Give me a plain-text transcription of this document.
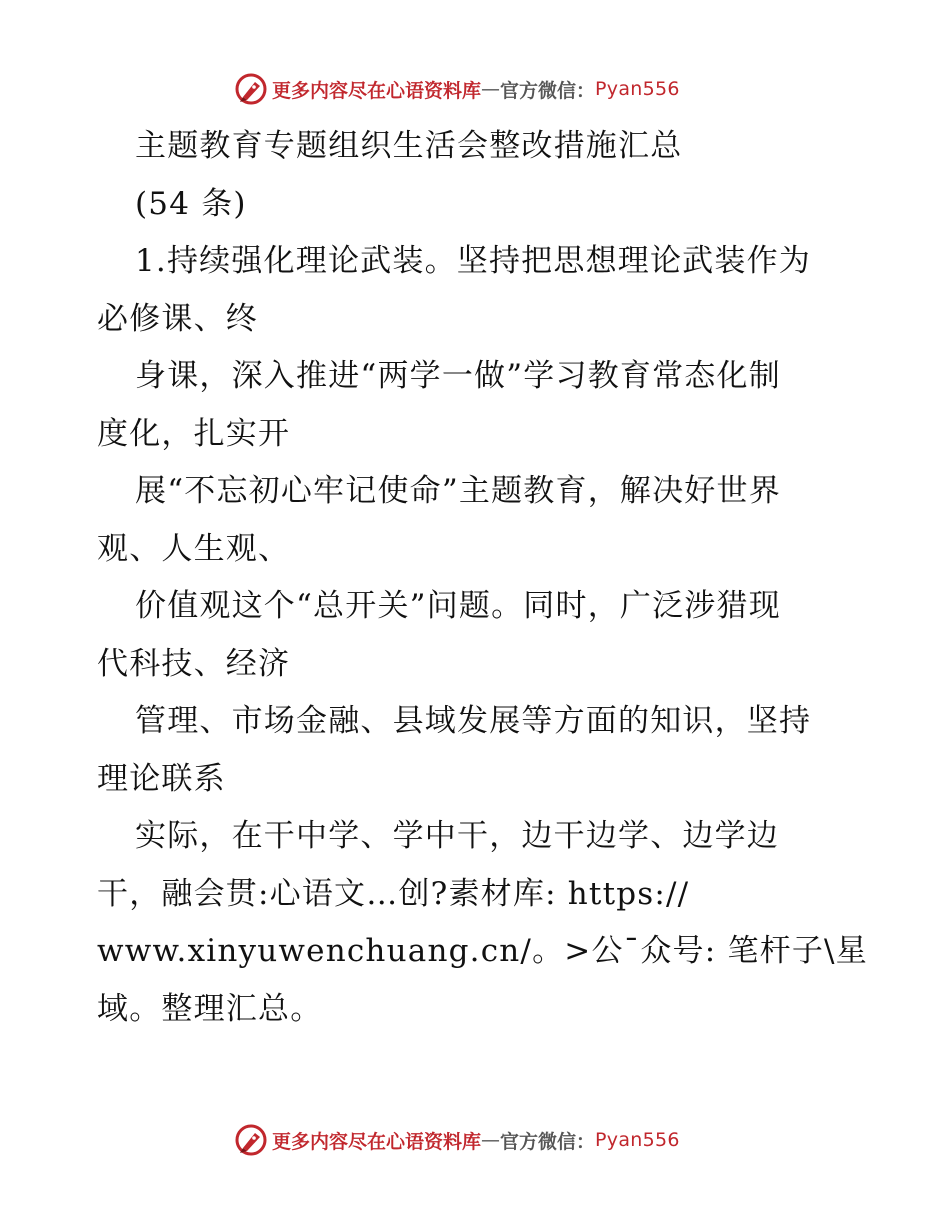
更多内容尽在心语资料库 — 官方微信： Pyan556
主题教育专题组织生活会整改措施汇总
(54 条)
1.持续强化理论武装。坚持把思想理论武装作为
必修课、终
身课，深入推进“两学一做”学习教育常态化制
度化，扎实开
展“不忘初心牢记使命”主题教育，解决好世界
观、人生观、
价值观这个“总开关”问题。同时，广泛涉猎现
代科技、经济
管理、市场金融、县域发展等方面的知识，坚持
理论联系
实际，在干中学、学中干，边干边学、边学边
干，融会贯:心语文…创?素材库: https://
www.xinyuwenchuang.cn/。>公¯众号: 笔杆子\星
域。整理汇总。
更多内容尽在心语资料库 — 官方微信： Pyan556
